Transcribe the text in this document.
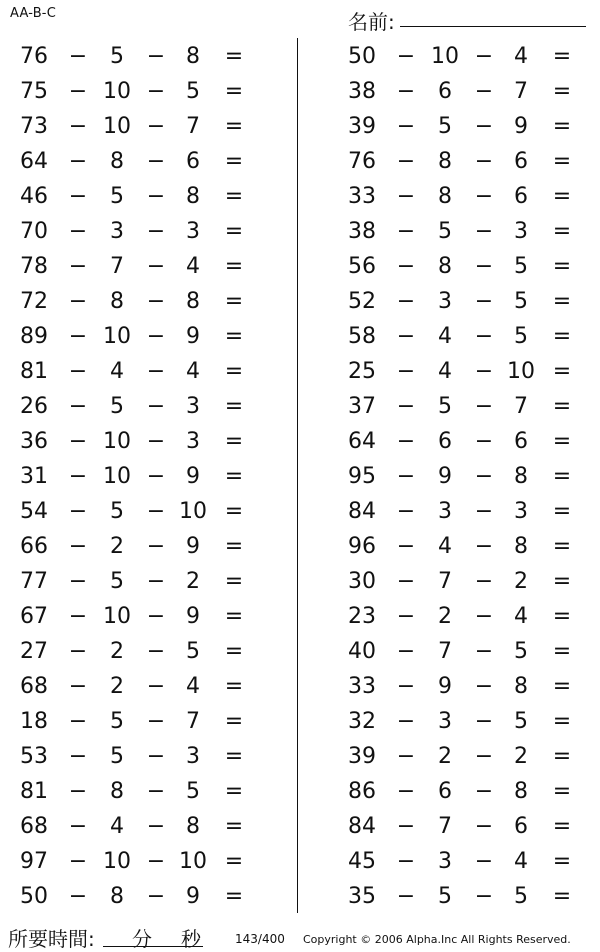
AA-B-C	名前:
76 −	5	− 8	=
75 − 10 − 5	=
73 − 10 − 7	=
64 −	8	− 6	=
46 −	5	− 8	=
70 −	3	− 3	=
78 −	7	− 4	=
72 −	8	− 8	=
89 − 10 − 9	=
81 −	4	− 4	=
26 −	5	− 3	=
36 − 10 − 3	=
31 − 10 − 9	=
54 −	5	− 10 =
66 −	2	− 9	=
77 −	5	− 2	=
67 − 10 − 9	=
27 −	2	− 5	=
68 −	2	− 4	=
18 −	5	− 7	=
53 −	5	− 3	=
81 −	8	− 5	=
68 −	4	− 8	=
97 − 10 − 10 =
50 −	8	− 9	=
50 − 10 − 4	=
38 −	6	− 7	=
39 −	5	− 9	=
76 −	8	− 6	=
33 −	8	− 6	=
38 −	5	− 3	=
56 −	8	− 5	=
52 −	3	− 5	=
58 −	4	− 5	=
25 −	4	− 10 =
37 −	5	− 7	=
64 −	6	− 6	=
95 −	9	− 8	=
84 −	3	− 3	=
96 −	4	− 8	=
30 −	7	− 2	=
23 −	2	− 4	=
40 −	7	− 5	=
33 −	9	− 8	=
32 −	3	− 5	=
39 −	2	− 2	=
86 −	6	− 8	=
84 −	7	− 6	=
45 −	3	− 4	=
35 −	5	− 5	=
所要時間: 分 秒	143/400 Copyright © 2006 Alpha.Inc All Rights Reserved.
